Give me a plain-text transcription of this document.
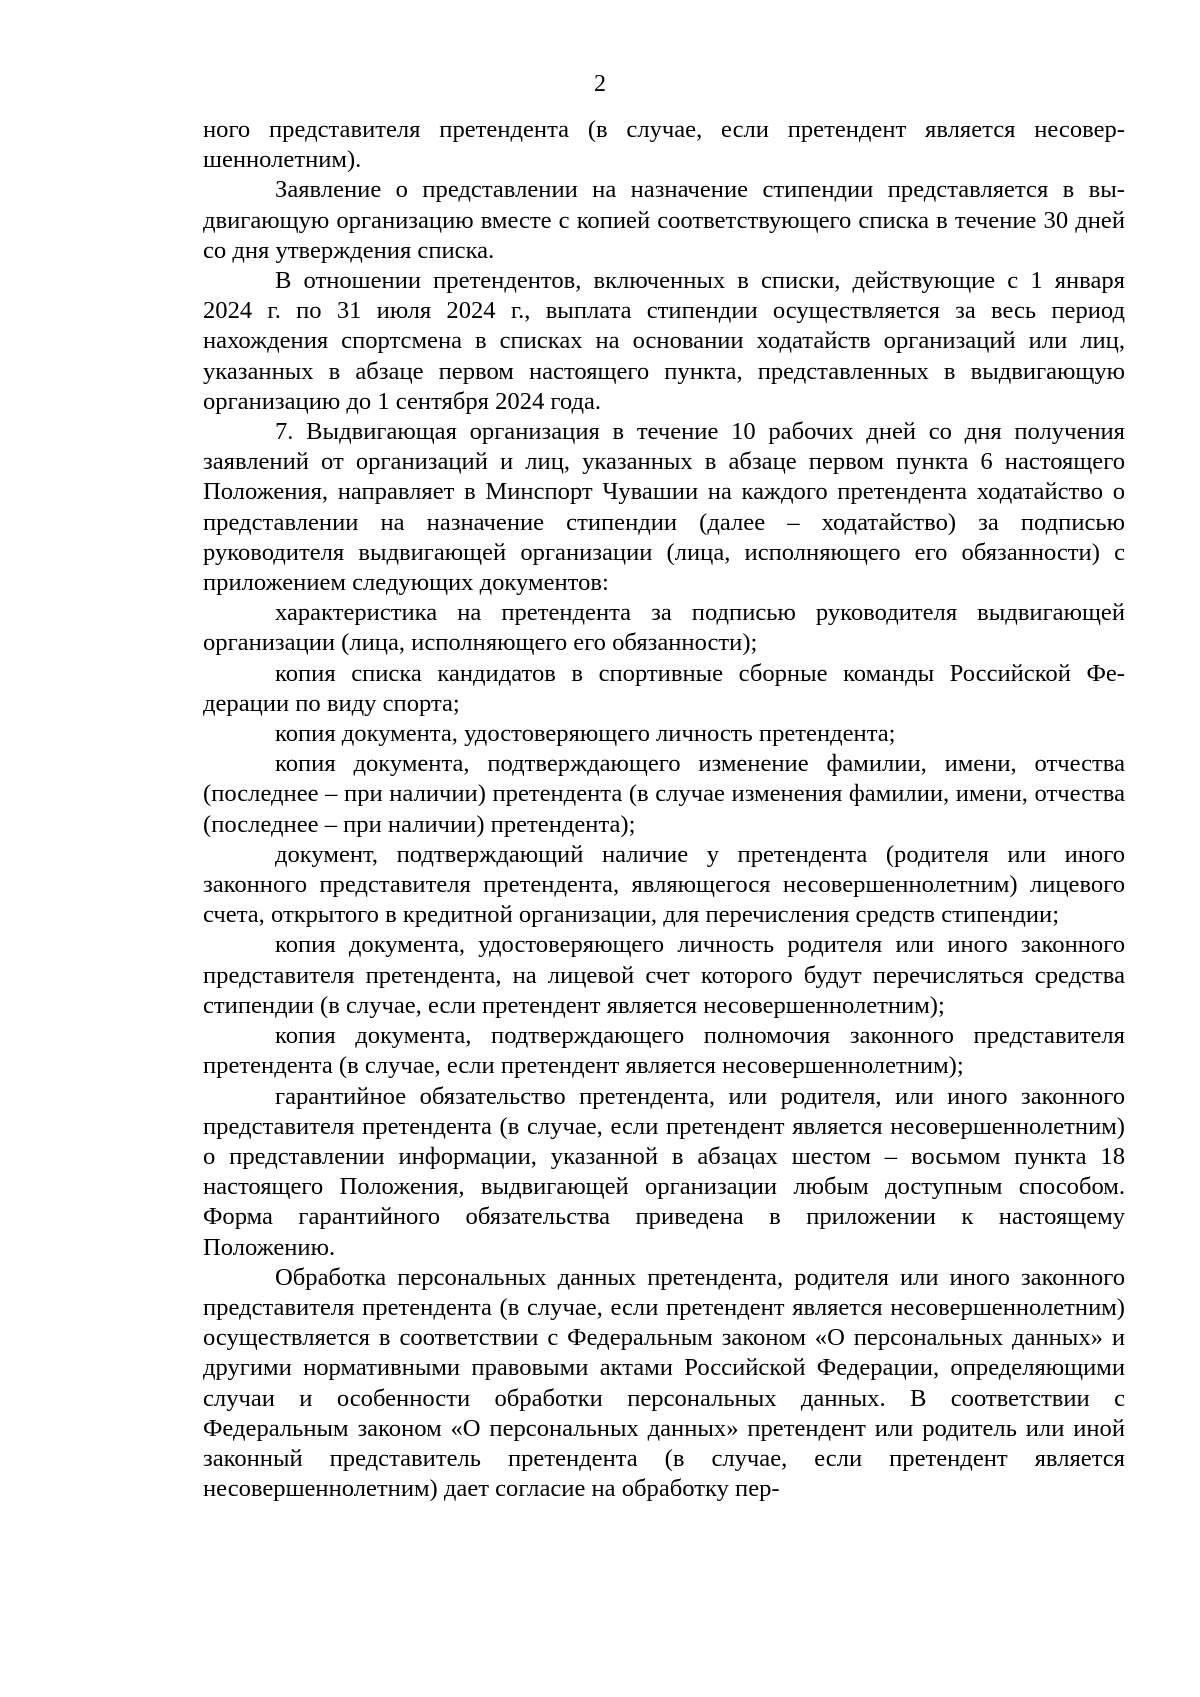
2

ного представителя претендента (в случае, если претендент является несовершеннолетним).

Заявление о представлении на назначение стипендии представляется в выдвигающую организацию вместе с копией соответствующего списка в течение 30 дней со дня утверждения списка.

В отношении претендентов, включенных в списки, действующие с 1 января 2024 г. по 31 июля 2024 г., выплата стипендии осуществляется за весь период нахождения спортсмена в списках на основании ходатайств организаций или лиц, указанных в абзаце первом настоящего пункта, представленных в выдвигающую организацию до 1 сентября 2024 года.

7. Выдвигающая организация в течение 10 рабочих дней со дня получения заявлений от организаций и лиц, указанных в абзаце первом пункта 6 настоящего Положения, направляет в Минспорт Чувашии на каждого претендента ходатайство о представлении на назначение стипендии (далее – ходатайство) за подписью руководителя выдвигающей организации (лица, исполняющего его обязанности) с приложением следующих документов:

характеристика на претендента за подписью руководителя выдвигающей организации (лица, исполняющего его обязанности);

копия списка кандидатов в спортивные сборные команды Российской Федерации по виду спорта;

копия документа, удостоверяющего личность претендента;

копия документа, подтверждающего изменение фамилии, имени, отчества (последнее – при наличии) претендента (в случае изменения фамилии, имени, отчества (последнее – при наличии) претендента);

документ, подтверждающий наличие у претендента (родителя или иного законного представителя претендента, являющегося несовершеннолетним) лицевого счета, открытого в кредитной организации, для перечисления средств стипендии;

копия документа, удостоверяющего личность родителя или иного законного представителя претендента, на лицевой счет которого будут перечисляться средства стипендии (в случае, если претендент является несовершеннолетним);

копия документа, подтверждающего полномочия законного представителя претендента (в случае, если претендент является несовершеннолетним);

гарантийное обязательство претендента, или родителя, или иного законного представителя претендента (в случае, если претендент является несовершеннолетним) о представлении информации, указанной в абзацах шестом – восьмом пункта 18 настоящего Положения, выдвигающей организации любым доступным способом. Форма гарантийного обязательства приведена в приложении к настоящему Положению.

Обработка персональных данных претендента, родителя или иного законного представителя претендента (в случае, если претендент является несовершеннолетним) осуществляется в соответствии с Федеральным законом «О персональных данных» и другими нормативными правовыми актами Российской Федерации, определяющими случаи и особенности обработки персональных данных. В соответствии с Федеральным законом «О персональных данных» претендент или родитель или иной законный представитель претендента (в случае, если претендент является несовершеннолетним) дает согласие на обработку пер-
